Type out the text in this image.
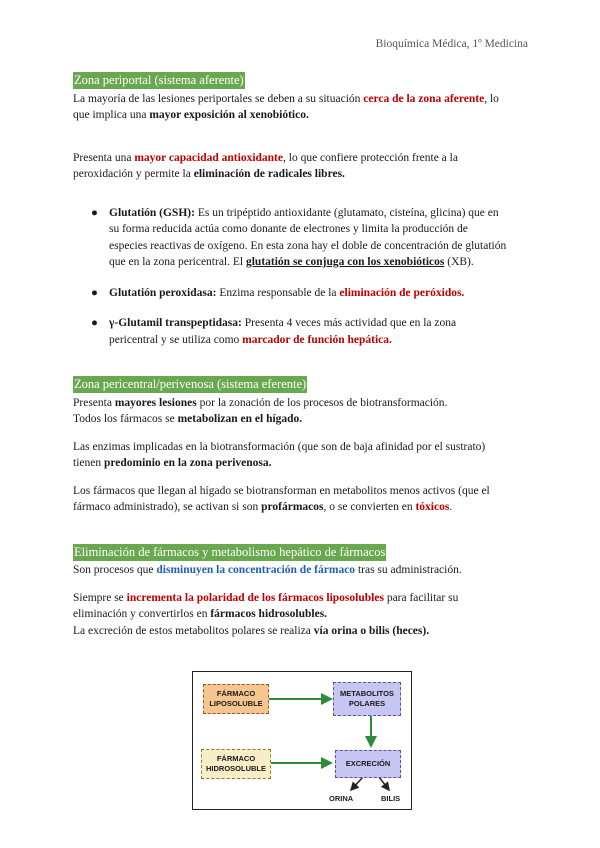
Bioquímica Médica, 1º Medicina
Zona periportal (sistema aferente)

La mayoría de las lesiones periportales se deben a su situación cerca de la zona aferente, lo
que implica una mayor exposición al xenobiótico.

Presenta una mayor capacidad antioxidante, lo que confiere protección frente a la
peroxidación y permite la eliminación de radicales libres.

● Glutatión (GSH): Es un tripéptido antioxidante (glutamato, cisteína, glicina) que en
su forma reducida actúa como donante de electrones y limita la producción de
especies reactivas de oxígeno. En esta zona hay el doble de concentración de glutatión
que en la zona pericentral. El glutatión se conjuga con los xenobióticos (XB).
● Glutatión peroxidasa: Enzima responsable de la eliminación de peróxidos.
● γ-Glutamil transpeptidasa: Presenta 4 veces más actividad que en la zona
pericentral y se utiliza como marcador de función hepática.
Zona pericentral/perivenosa (sistema eferente)

Presenta mayores lesiones por la zonación de los procesos de biotransformación.
Todos los fármacos se metabolizan en el hígado.

Las enzimas implicadas en la biotransformación (que son de baja afinidad por el sustrato)
tienen predominio en la zona perivenosa.

Los fármacos que llegan al hígado se biotransforman en metabolitos menos activos (que el
fármaco administrado), se activan si son profármacos, o se convierten en tóxicos.

Eliminación de fármacos y metabolismo hepático de fármacos

Son procesos que disminuyen la concentración de fármaco tras su administración.

Siempre se incrementa la polaridad de los fármacos liposolubles para facilitar su
eliminación y convertirlos en fármacos hidrosolubles.
La excreción de estos metabolitos polares se realiza vía orina o bilis (heces).

FÁRMACO
LIPOSOLUBLE
METABOLITOS
POLARES
FÁRMACO
HIDROSOLUBLE
EXCRECIÓN
ORINA	BILIS
